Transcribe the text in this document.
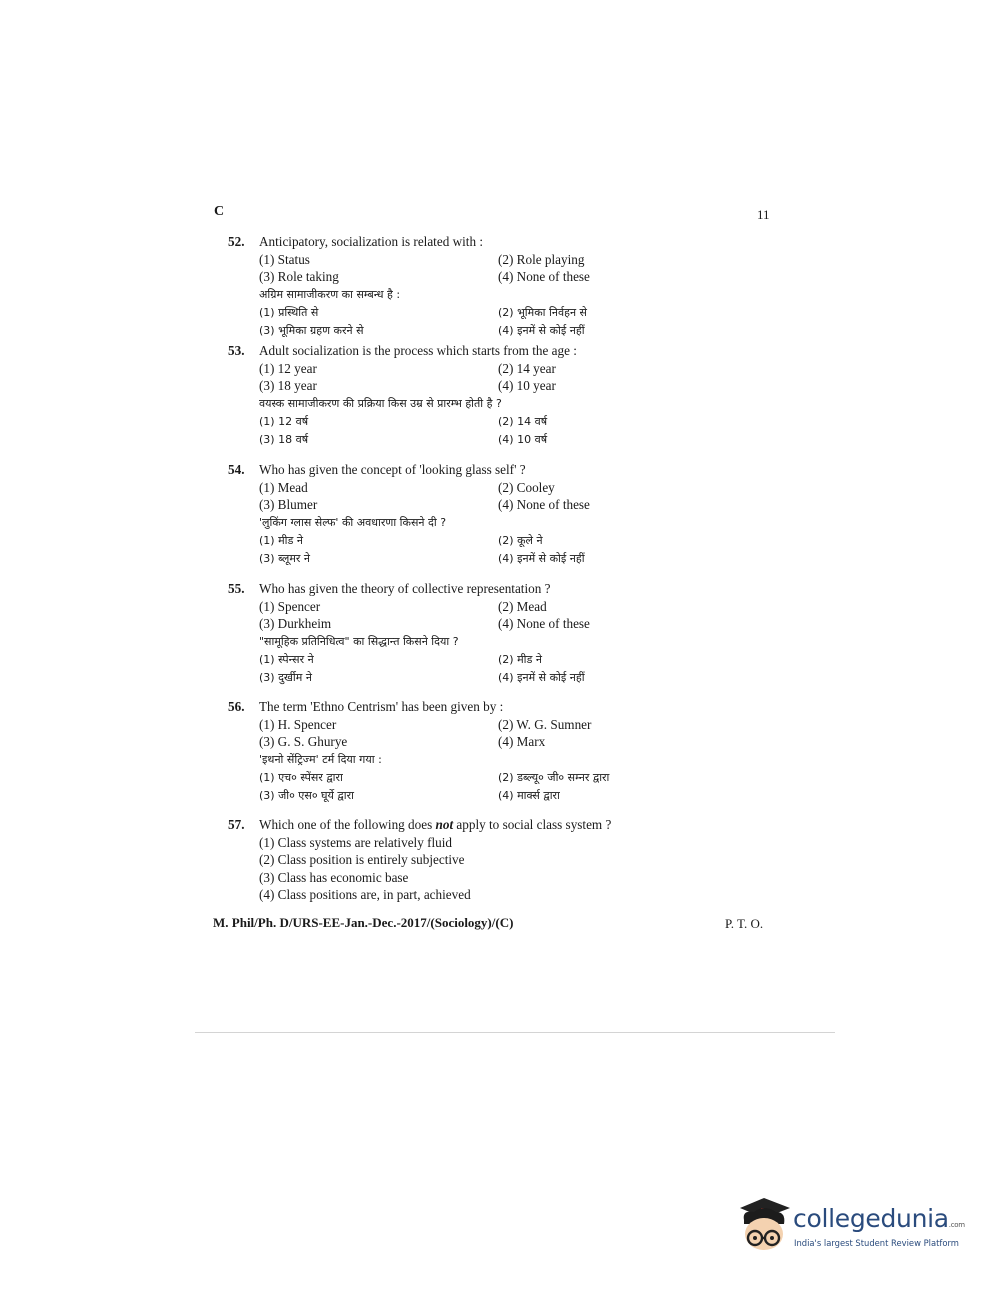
C	11
52.	Anticipatory, socialization is related with :
(1) Status	(2) Role playing
(3) Role taking	(4) None of these
अग्रिम सामाजीकरण का सम्बन्ध है :
(1) प्रस्थिति से	(2) भूमिका निर्वहन से
(3) भूमिका ग्रहण करने से	(4) इनमें से कोई नहीं
53.	Adult socialization is the process which starts from the age :
(1) 12 year	(2) 14 year
(3) 18 year	(4) 10 year
वयस्क सामाजीकरण की प्रक्रिया किस उम्र से प्रारम्भ होती है ?
(1) 12 वर्ष	(2) 14 वर्ष
(3) 18 वर्ष	(4) 10 वर्ष
54.	Who has given the concept of 'looking glass self' ?
(1) Mead	(2) Cooley
(3) Blumer	(4) None of these
'लुकिंग ग्लास सेल्फ' की अवधारणा किसने दी ?
(1) मीड ने	(2) कूले ने
(3) ब्लूमर ने	(4) इनमें से कोई नहीं
55.	Who has given the theory of collective representation ?
(1) Spencer	(2) Mead
(3) Durkheim	(4) None of these
"सामूहिक प्रतिनिधित्व" का सिद्धान्त किसने दिया ?
(1) स्पेन्सर ने	(2) मीड ने
(3) दुर्खीम ने	(4) इनमें से कोई नहीं
56.	The term 'Ethno Centrism' has been given by :
(1) H. Spencer	(2) W. G. Sumner
(3) G. S. Ghurye	(4) Marx
'इथनो सेंट्रिज्म' टर्म दिया गया :
(1) एच० स्पेंसर द्वारा	(2) डब्ल्यू० जी० सम्नर द्वारा
(3) जी० एस० घूर्ये द्वारा	(4) मार्क्स द्वारा
57.	Which one of the following does not apply to social class system ?
(1) Class systems are relatively fluid
(2) Class position is entirely subjective
(3) Class has economic base
(4) Class positions are, in part, achieved
M. Phil/Ph. D/URS-EE-Jan.-Dec.-2017/(Sociology)/(C)	P. T. O.
collegedunia.com
India's largest Student Review Platform
